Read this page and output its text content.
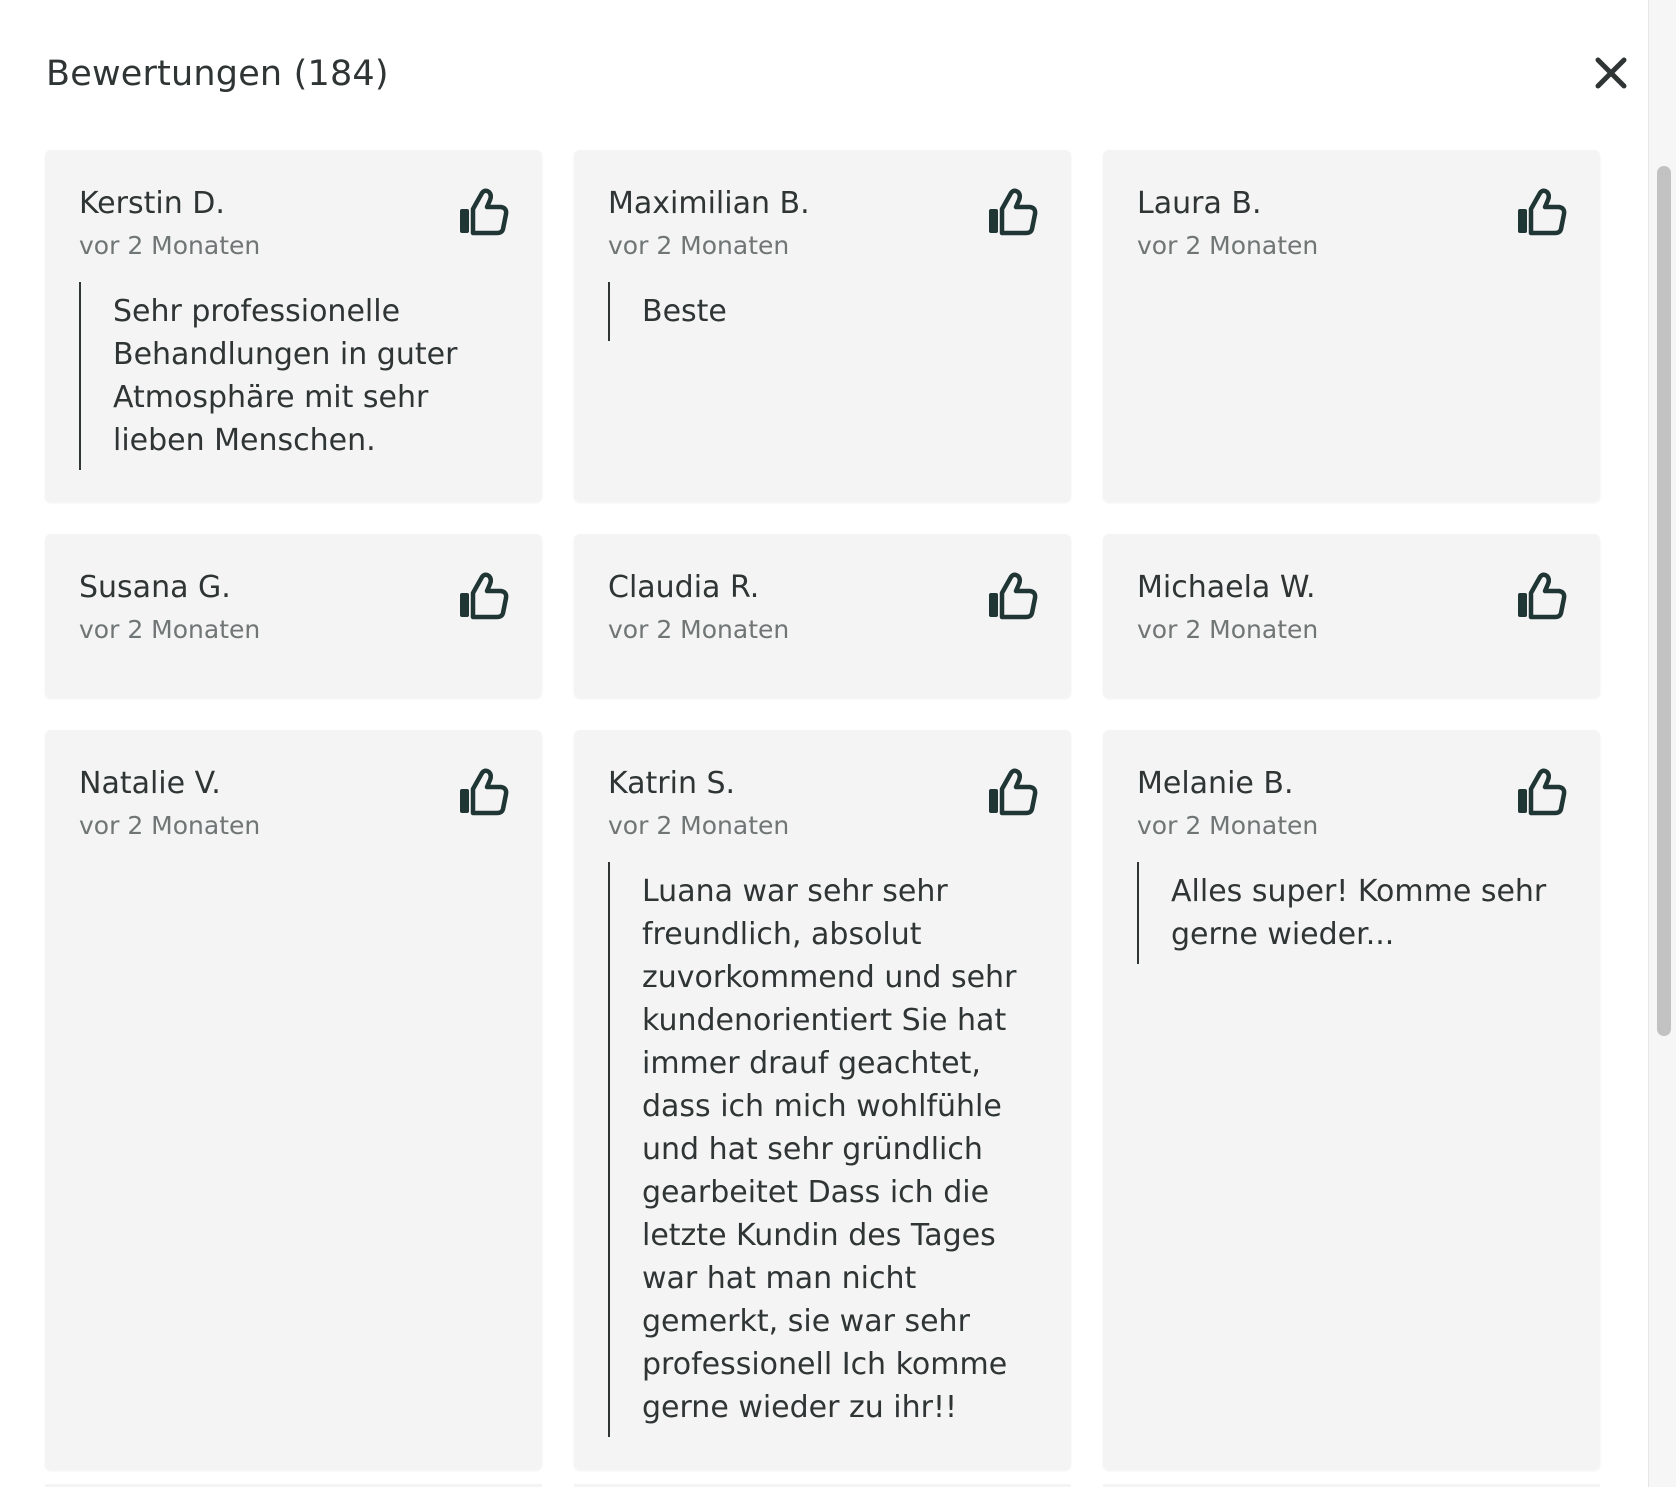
Bewertungen (184)
Kerstin D.
vor 2 Monaten
Sehr professionelle Behandlungen in guter Atmosphäre mit sehr lieben Menschen.
Maximilian B.
vor 2 Monaten
Beste
Laura B.
vor 2 Monaten
Susana G.
vor 2 Monaten
Claudia R.
vor 2 Monaten
Michaela W.
vor 2 Monaten
Natalie V.
vor 2 Monaten
Katrin S.
vor 2 Monaten
Luana war sehr sehr freundlich, absolut zuvorkommend und sehr kundenorientiert Sie hat immer drauf geachtet, dass ich mich wohlfühle und hat sehr gründlich gearbeitet Dass ich die letzte Kundin des Tages war hat man nicht gemerkt, sie war sehr professionell Ich komme gerne wieder zu ihr!!
Melanie B.
vor 2 Monaten
Alles super! Komme sehr gerne wieder...
